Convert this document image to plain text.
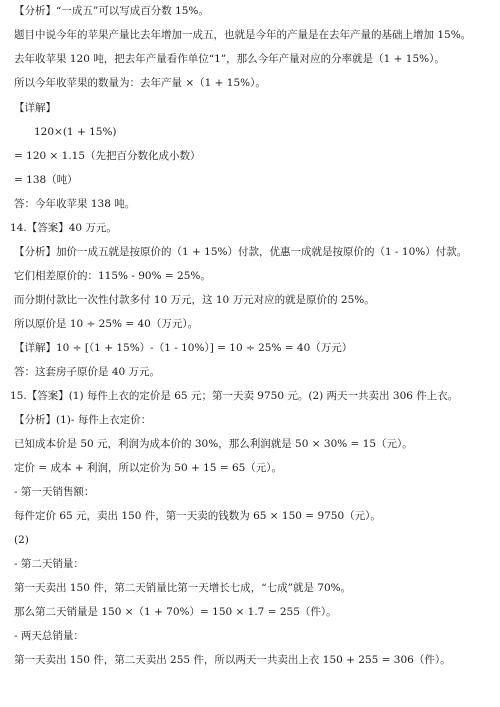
【分析】“一成五”可以写成百分数 15%。
题目中说今年的苹果产量比去年增加一成五，也就是今年的产量是在去年产量的基础上增加 15%。
去年收苹果 120 吨，把去年产量看作单位“1”，那么今年产量对应的分率就是（1 + 15%）。
所以今年收苹果的数量为：去年产量 ×（1 + 15%）。
【详解】
120×(1 + 15%)
= 120 × 1.15（先把百分数化成小数）
= 138（吨）
答：今年收苹果 138 吨。
14.【答案】40 万元。
【分析】加价一成五就是按原价的（1 + 15%）付款，优惠一成就是按原价的（1 - 10%）付款。
它们相差原价的：115% - 90% = 25%。
而分期付款比一次性付款多付 10 万元，这 10 万元对应的就是原价的 25%。
所以原价是 10 ÷ 25% = 40（万元）。
【详解】10 ÷ [（1 + 15%）-（1 - 10%）] = 10 ÷ 25% = 40（万元）
答：这套房子原价是 40 万元。
15.【答案】(1) 每件上衣的定价是 65 元；第一天卖 9750 元。(2) 两天一共卖出 306 件上衣。
【分析】(1)- 每件上衣定价：
已知成本价是 50 元，利润为成本价的 30%，那么利润就是 50 × 30% = 15（元）。
定价 = 成本 + 利润，所以定价为 50 + 15 = 65（元）。
- 第一天销售额：
每件定价 65 元，卖出 150 件，第一天卖的钱数为 65 × 150 = 9750（元）。
(2)
- 第二天销量：
第一天卖出 150 件，第二天销量比第一天增长七成，“七成”就是 70%。
那么第二天销量是 150 ×（1 + 70%）= 150 × 1.7 = 255（件）。
- 两天总销量：
第一天卖出 150 件，第二天卖出 255 件，所以两天一共卖出上衣 150 + 255 = 306（件）。
